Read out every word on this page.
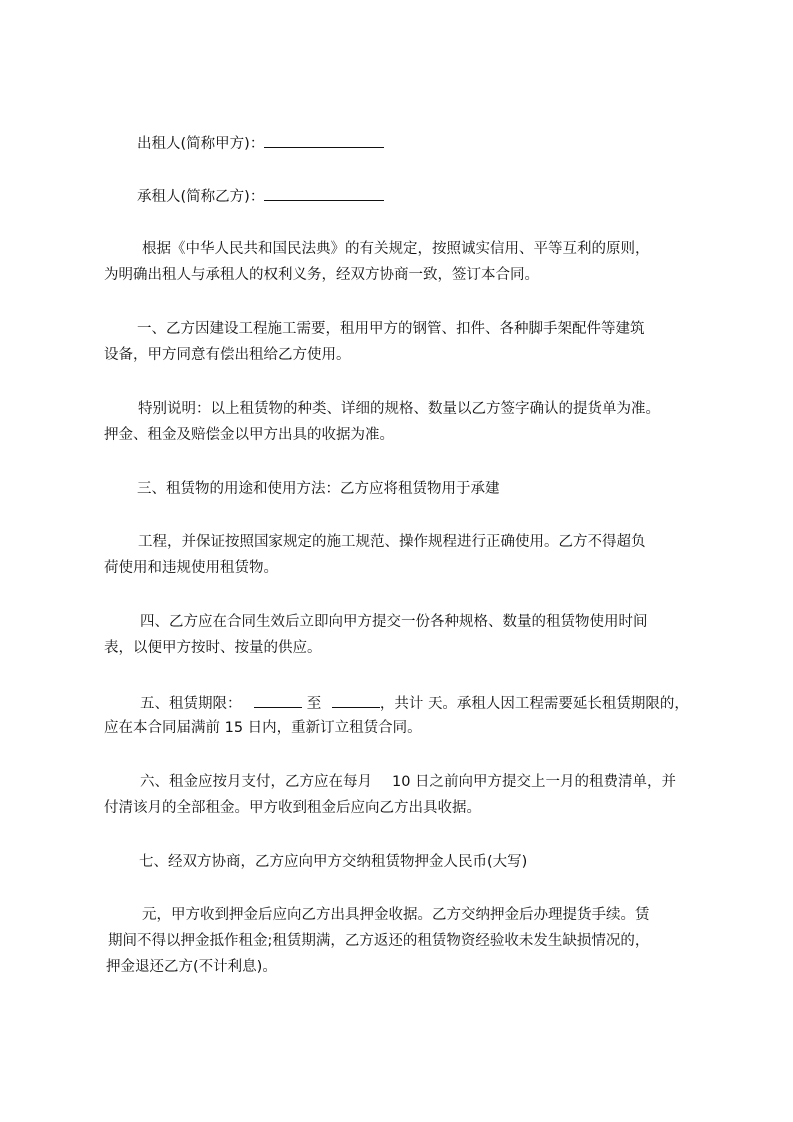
出租人(简称甲方)：
承租人(简称乙方)：
根据《中华人民共和国民法典》的有关规定，按照诚实信用、平等互利的原则，
为明确出租人与承租人的权利义务，经双方协商一致，签订本合同。
一、乙方因建设工程施工需要，租用甲方的钢管、扣件、各种脚手架配件等建筑
设备，甲方同意有偿出租给乙方使用。
特别说明：以上租赁物的种类、详细的规格、数量以乙方签字确认的提货单为准。
押金、租金及赔偿金以甲方出具的收据为准。
三、租赁物的用途和使用方法：乙方应将租赁物用于承建
工程，并保证按照国家规定的施工规范、操作规程进行正确使用。乙方不得超负
荷使用和违规使用租赁物。
四、乙方应在合同生效后立即向甲方提交一份各种规格、数量的租赁物使用时间
表，以便甲方按时、按量的供应。
五、租赁期限：	至	，共计 天。承租人因工程需要延长租赁期限的，
应在本合同届满前 15 日内，重新订立租赁合同。
六、租金应按月支付，乙方应在每月 10 日之前向甲方提交上一月的租费清单，并
付清该月的全部租金。甲方收到租金后应向乙方出具收据。
七、经双方协商，乙方应向甲方交纳租赁物押金人民币(大写)
元，甲方收到押金后应向乙方出具押金收据。乙方交纳押金后办理提货手续。赁
期间不得以押金抵作租金;租赁期满，乙方返还的租赁物资经验收未发生缺损情况的，
押金退还乙方(不计利息)。
